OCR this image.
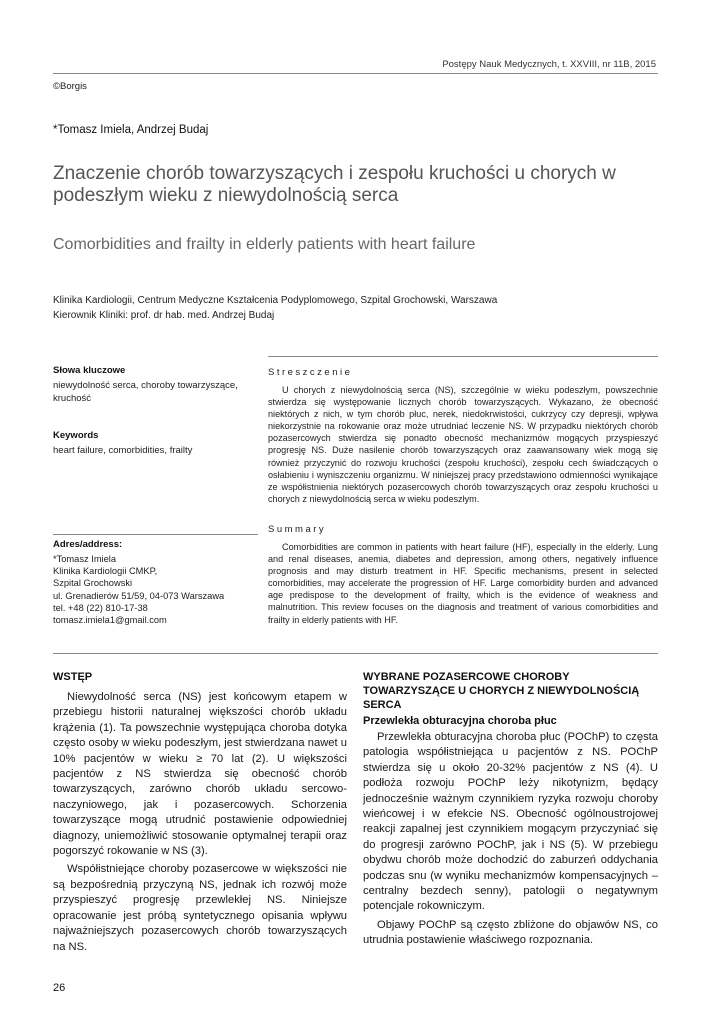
Postępy Nauk Medycznych, t. XXVIII, nr 11B, 2015
©Borgis
*Tomasz Imiela, Andrzej Budaj
Znaczenie chorób towarzyszących i zespołu kruchości u chorych w podeszłym wieku z niewydolnością serca
Comorbidities and frailty in elderly patients with heart failure
Klinika Kardiologii, Centrum Medyczne Kształcenia Podyplomowego, Szpital Grochowski, Warszawa
Kierownik Kliniki: prof. dr hab. med. Andrzej Budaj
Słowa kluczowe
niewydolność serca, choroby towarzyszące, kruchość
Keywords
heart failure, comorbidities, frailty
Adres/address:
*Tomasz Imiela
Klinika Kardiologii CMKP,
Szpital Grochowski
ul. Grenadierów 51/59, 04-073 Warszawa
tel. +48 (22) 810-17-38
tomasz.imiela1@gmail.com
Streszczenie

U chorych z niewydolnością serca (NS), szczególnie w wieku podeszłym, powszechnie stwierdza się występowanie licznych chorób towarzyszących. Wykazano, że obecność niektórych z nich, w tym chorób płuc, nerek, niedokrwistości, cukrzycy czy depresji, wpływa niekorzystnie na rokowanie oraz może utrudniać leczenie NS. W przypadku niektórych chorób pozasercowych stwierdza się ponadto obecność mechanizmów mogących przyspieszyć progresję NS. Duże nasilenie chorób towarzyszących oraz zaawansowany wiek mogą się również przyczynić do rozwoju kruchości (zespołu kruchości), zespołu cech świadczących o osłabieniu i wyniszczeniu organizmu. W niniejszej pracy przedstawiono odmienności wynikające ze współistnienia niektórych pozasercowych chorób towarzyszących oraz zespołu kruchości u chorych z niewydolnością serca w wieku podeszłym.

Summary

Comorbidities are common in patients with heart failure (HF), especially in the elderly. Lung and renal diseases, anemia, diabetes and depression, among others, negatively influence prognosis and may disturb treatment in HF. Specific mechanisms, present in selected comorbidities, may accelerate the progression of HF. Large comorbidity burden and advanced age predispose to the development of frailty, which is the evidence of weakness and malnutrition. This review focuses on the diagnosis and treatment of various comorbidities and frailty in elderly patients with HF.

WSTĘP

Niewydolność serca (NS) jest końcowym etapem w przebiegu historii naturalnej większości chorób układu krążenia (1). Ta powszechnie występująca choroba dotyka często osoby w wieku podeszłym, jest stwierdzana nawet u 10% pacjentów w wieku ≥ 70 lat (2). U większości pacjentów z NS stwierdza się obecność chorób towarzyszących, zarówno chorób układu sercowo-naczyniowego, jak i pozasercowych. Schorzenia towarzyszące mogą utrudnić postawienie odpowiedniej diagnozy, uniemożliwić stosowanie optymalnej terapii oraz pogorszyć rokowanie w NS (3).

Współistniejące choroby pozasercowe w większości nie są bezpośrednią przyczyną NS, jednak ich rozwój może przyspieszyć progresję przewlekłej NS. Niniejsze opracowanie jest próbą syntetycznego opisania wpływu najważniejszych pozasercowych chorób towarzyszących na NS.

WYBRANE POZASERCOWE CHOROBY TOWARZYSZĄCE U CHORYCH Z NIEWYDOLNOŚCIĄ SERCA
Przewlekła obturacyjna choroba płuc

Przewlekła obturacyjna choroba płuc (POChP) to częsta patologia współistniejąca u pacjentów z NS. POChP stwierdza się u około 20-32% pacjentów z NS (4). U podłoża rozwoju POChP leży nikotynizm, będący jednocześnie ważnym czynnikiem ryzyka rozwoju choroby wieńcowej i w efekcie NS. Obecność ogólnoustrojowej reakcji zapalnej jest czynnikiem mogącym przyczyniać się do progresji zarówno POChP, jak i NS (5). W przebiegu obydwu chorób może dochodzić do zaburzeń oddychania podczas snu (w wyniku mechanizmów kompensacyjnych – centralny bezdech senny), patologii o negatywnym potencjale rokowniczym.

Objawy POChP są często zbliżone do objawów NS, co utrudnia postawienie właściwego rozpoznania.

26
